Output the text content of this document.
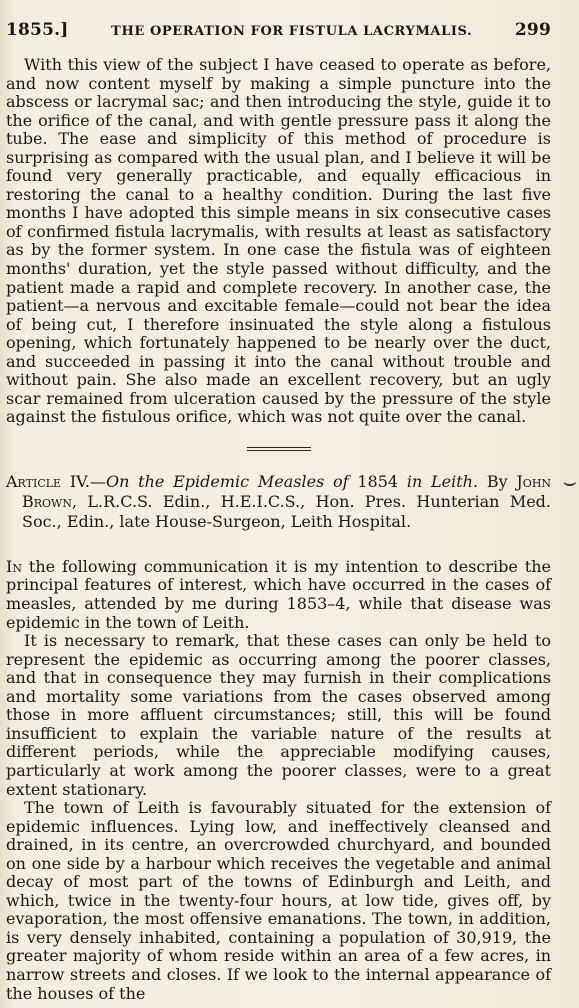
1855.]	THE OPERATION FOR FISTULA LACRYMALIS.	299

With this view of the subject I have ceased to operate as before, and now content myself by making a simple puncture into the abscess or lacrymal sac; and then introducing the style, guide it to the orifice of the canal, and with gentle pressure pass it along the tube. The ease and simplicity of this method of procedure is surprising as compared with the usual plan, and I believe it will be found very generally practicable, and equally efficacious in restoring the canal to a healthy condition. During the last five months I have adopted this simple means in six consecutive cases of confirmed fistula lacrymalis, with results at least as satisfactory as by the former system. In one case the fistula was of eighteen months' duration, yet the style passed without difficulty, and the patient made a rapid and complete recovery. In another case, the patient—a nervous and excitable female—could not bear the idea of being cut, I therefore insinuated the style along a fistulous opening, which fortunately happened to be nearly over the duct, and succeeded in passing it into the canal without trouble and without pain. She also made an excellent recovery, but an ugly scar remained from ulceration caused by the pressure of the style against the fistulous orifice, which was not quite over the canal.

Article IV.—On the Epidemic Measles of 1854 in Leith. By John Brown, L.R.C.S. Edin., H.E.I.C.S., Hon. Pres. Hunterian Med. Soc., Edin., late House-Surgeon, Leith Hospital.

In the following communication it is my intention to describe the principal features of interest, which have occurred in the cases of measles, attended by me during 1853–4, while that disease was epidemic in the town of Leith.

It is necessary to remark, that these cases can only be held to represent the epidemic as occurring among the poorer classes, and that in consequence they may furnish in their complications and mortality some variations from the cases observed among those in more affluent circumstances; still, this will be found insufficient to explain the variable nature of the results at different periods, while the appreciable modifying causes, particularly at work among the poorer classes, were to a great extent stationary.

The town of Leith is favourably situated for the extension of epidemic influences. Lying low, and ineffectively cleansed and drained, in its centre, an overcrowded churchyard, and bounded on one side by a harbour which receives the vegetable and animal decay of most part of the towns of Edinburgh and Leith, and which, twice in the twenty-four hours, at low tide, gives off, by evaporation, the most offensive emanations. The town, in addition, is very densely inhabited, containing a population of 30,919, the greater majority of whom reside within an area of a few acres, in narrow streets and closes. If we look to the internal appearance of the houses of the

⌣
